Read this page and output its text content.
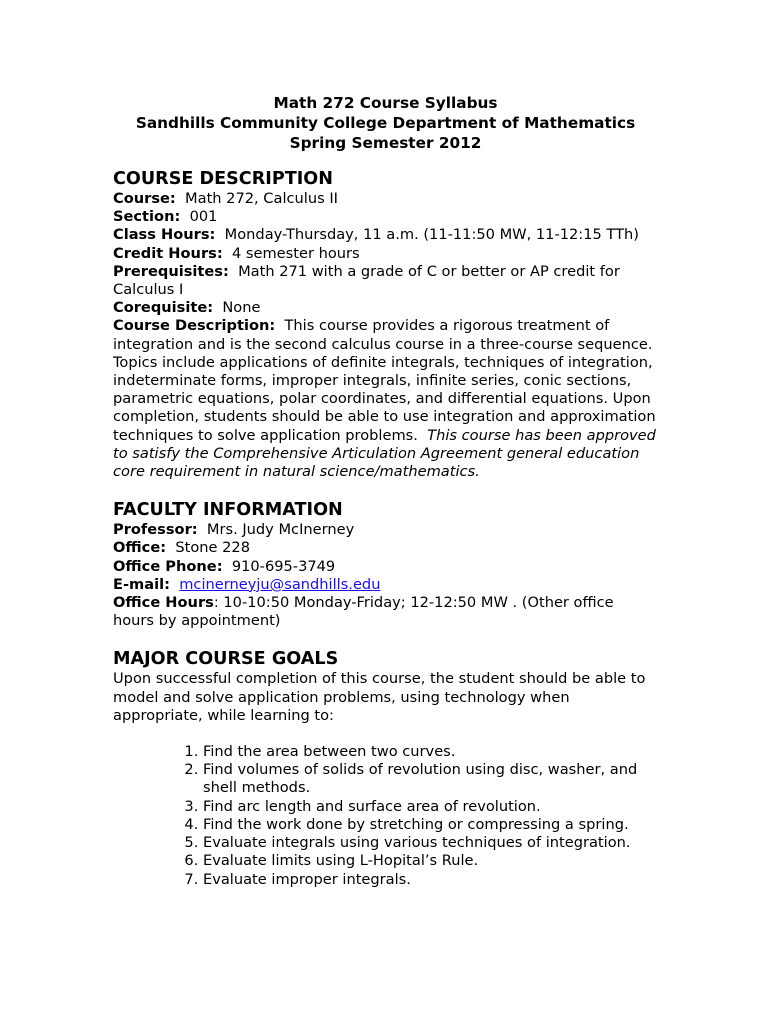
Math 272 Course Syllabus
Sandhills Community College Department of Mathematics
Spring Semester 2012
COURSE DESCRIPTION

Course: Math 272, Calculus II

Section: 001

Class Hours: Monday-Thursday, 11 a.m. (11-11:50 MW, 11-12:15 TTh)

Credit Hours: 4 semester hours

Prerequisites: Math 271 with a grade of C or better or AP credit for Calculus I

Corequisite: None

Course Description: This course provides a rigorous treatment of integration and is the second calculus course in a three-course sequence. Topics include applications of definite integrals, techniques of integration, indeterminate forms, improper integrals, infinite series, conic sections, parametric equations, polar coordinates, and differential equations. Upon completion, students should be able to use integration and approximation techniques to solve application problems. This course has been approved to satisfy the Comprehensive Articulation Agreement general education core requirement in natural science/mathematics.

FACULTY INFORMATION

Professor: Mrs. Judy McInerney

Office: Stone 228

Office Phone: 910-695-3749

E-mail: mcinerneyju@sandhills.edu

Office Hours: 10-10:50 Monday-Friday; 12-12:50 MW . (Other office hours by appointment)

MAJOR COURSE GOALS

Upon successful completion of this course, the student should be able to model and solve application problems, using technology when appropriate, while learning to:

1. Find the area between two curves.
2. Find volumes of solids of revolution using disc, washer, and shell methods.
3. Find arc length and surface area of revolution.
4. Find the work done by stretching or compressing a spring.
5. Evaluate integrals using various techniques of integration.
6. Evaluate limits using L-Hopital’s Rule.
7. Evaluate improper integrals.
